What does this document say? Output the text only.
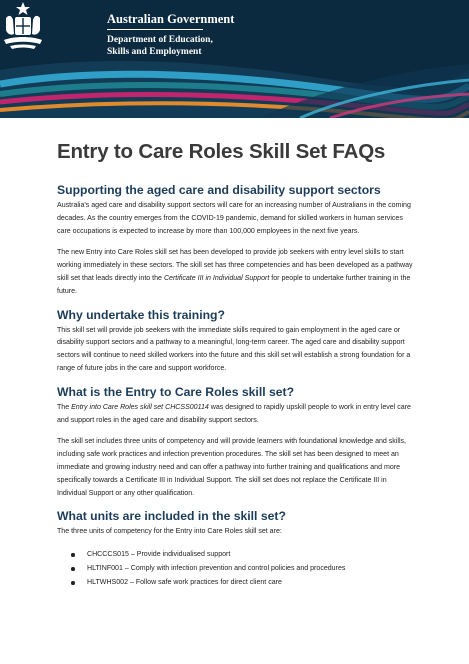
Australian Government
Department of Education,
Skills and Employment
Entry to Care Roles Skill Set FAQs
Supporting the aged care and disability support sectors

Australia's aged care and disability support sectors will care for an increasing number of Australians in the coming decades. As the country emerges from the COVID-19 pandemic, demand for skilled workers in human services care occupations is expected to increase by more than 100,000 employees in the next five years.

The new Entry into Care Roles skill set has been developed to provide job seekers with entry level skills to start working immediately in these sectors. The skill set has three competencies and has been developed as a pathway skill set that leads directly into the Certificate III in Individual Support for people to undertake further training in the future.

Why undertake this training?

This skill set will provide job seekers with the immediate skills required to gain employment in the aged care or disability support sectors and a pathway to a meaningful, long-term career. The aged care and disability support sectors will continue to need skilled workers into the future and this skill set will establish a strong foundation for a range of future jobs in the care and support workforce.

What is the Entry to Care Roles skill set?

The Entry into Care Roles skill set CHCSS00114 was designed to rapidly upskill people to work in entry level care and support roles in the aged care and disability support sectors.

The skill set includes three units of competency and will provide learners with foundational knowledge and skills, including safe work practices and infection prevention procedures. The skill set has been designed to meet an immediate and growing industry need and can offer a pathway into further training and qualifications and more specifically towards a Certificate III in Individual Support. The skill set does not replace the Certificate III in Individual Support or any other qualification.

What units are included in the skill set?

The three units of competency for the Entry into Care Roles skill set are:

CHCCCS015 – Provide individualised support
HLTINF001 – Comply with infection prevention and control policies and procedures
HLTWHS002 – Follow safe work practices for direct client care
